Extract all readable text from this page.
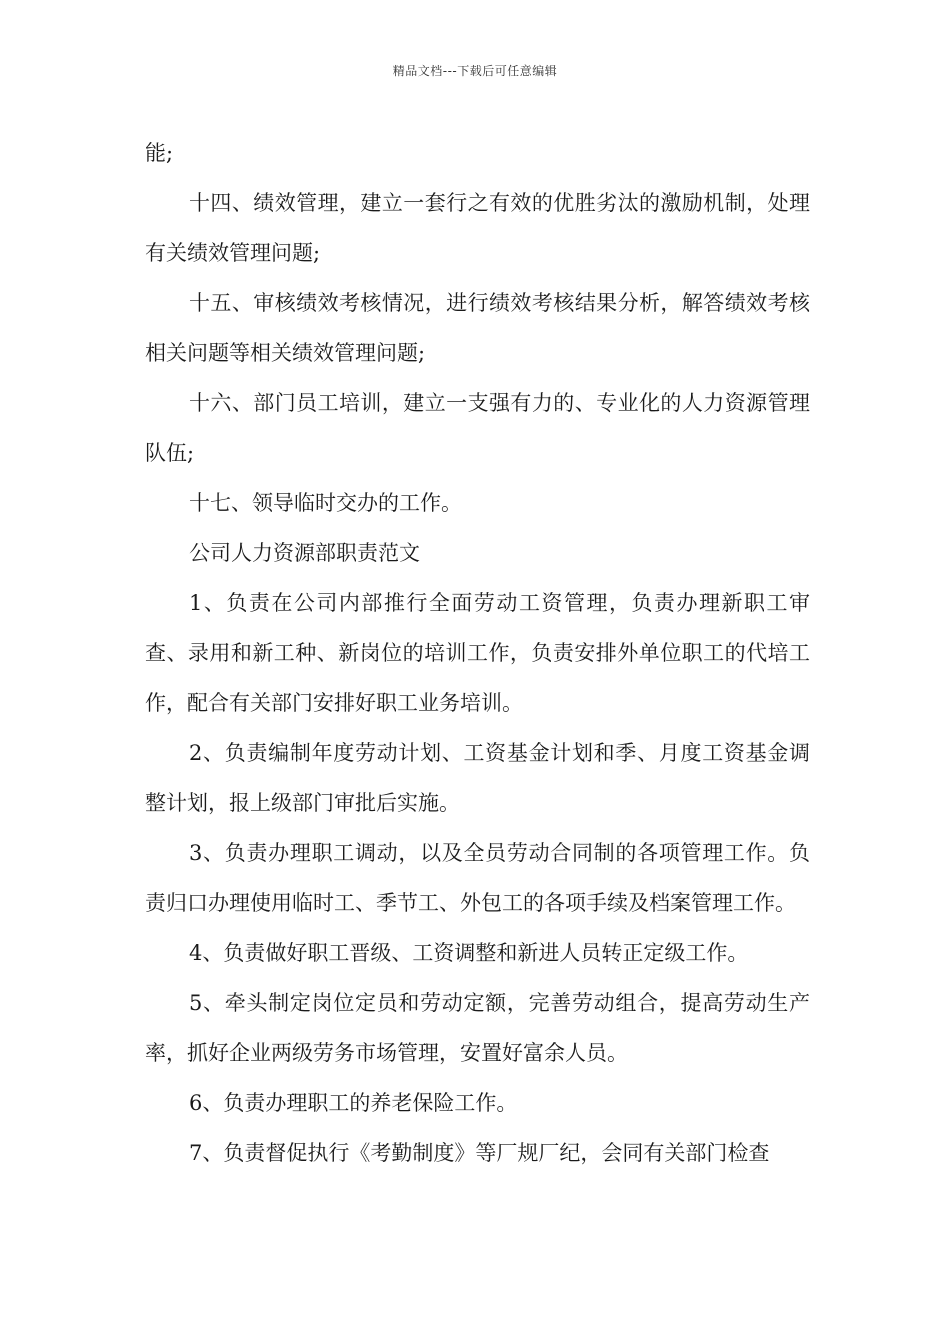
精品文档---下载后可任意编辑

能;

十四、绩效管理，建立一套行之有效的优胜劣汰的激励机制，处理有关绩效管理问题;

十五、审核绩效考核情况，进行绩效考核结果分析，解答绩效考核相关问题等相关绩效管理问题;

十六、部门员工培训，建立一支强有力的、专业化的人力资源管理队伍;

十七、领导临时交办的工作。

公司人力资源部职责范文

1、负责在公司内部推行全面劳动工资管理，负责办理新职工审查、录用和新工种、新岗位的培训工作，负责安排外单位职工的代培工作，配合有关部门安排好职工业务培训。

2、负责编制年度劳动计划、工资基金计划和季、月度工资基金调整计划，报上级部门审批后实施。

3、负责办理职工调动，以及全员劳动合同制的各项管理工作。负责归口办理使用临时工、季节工、外包工的各项手续及档案管理工作。

4、负责做好职工晋级、工资调整和新进人员转正定级工作。

5、牵头制定岗位定员和劳动定额，完善劳动组合，提高劳动生产率，抓好企业两级劳务市场管理，安置好富余人员。

6、负责办理职工的养老保险工作。

7、负责督促执行《考勤制度》等厂规厂纪，会同有关部门检查
